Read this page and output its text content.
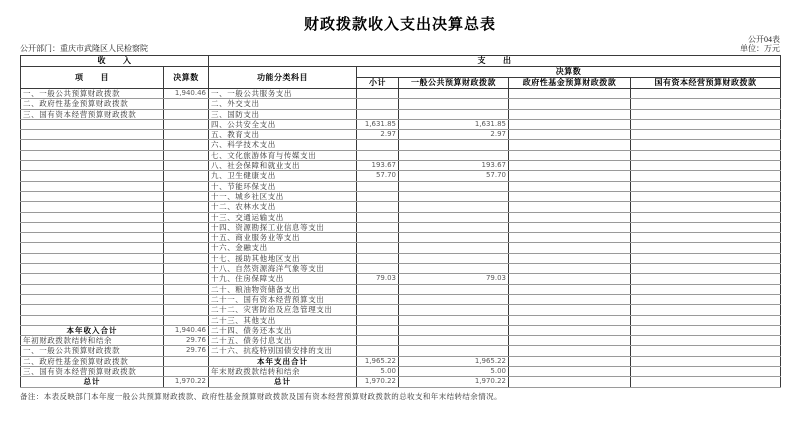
财政拨款收入支出决算总表
公开04表
公开部门：重庆市武隆区人民检察院	单位：万元
收　　入		支　　出				
项　　目	决算数	功能分类科目	决算数			
			小计	一般公共预算财政拨款	政府性基金预算财政拨款	国有资本经营预算财政拨款
一、一般公共预算财政拨款	1,940.46	一、一般公共服务支出				
二、政府性基金预算财政拨款		二、外交支出				
三、国有资本经营预算财政拨款		三、国防支出				
		四、公共安全支出	1,631.85	1,631.85		
		五、教育支出	2.97	2.97		
		六、科学技术支出				
		七、文化旅游体育与传媒支出				
		八、社会保障和就业支出	193.67	193.67		
		九、卫生健康支出	57.70	57.70		
		十、节能环保支出				
		十一、城乡社区支出				
		十二、农林水支出				
		十三、交通运输支出				
		十四、资源勘探工业信息等支出				
		十五、商业服务业等支出				
		十六、金融支出				
		十七、援助其他地区支出				
		十八、自然资源海洋气象等支出				
		十九、住房保障支出	79.03	79.03		
		二十、粮油物资储备支出				
		二十一、国有资本经营预算支出				
		二十二、灾害防治及应急管理支出				
		二十三、其他支出				
本年收入合计	1,940.46	二十四、债务还本支出				
年初财政拨款结转和结余	29.76	二十五、债务付息支出				
一、一般公共预算财政拨款	29.76	二十六、抗疫特别国债安排的支出				
二、政府性基金预算财政拨款		本年支出合计	1,965.22	1,965.22		
三、国有资本经营预算财政拨款		年末财政拨款结转和结余	5.00	5.00		
总计	1,970.22	总计	1,970.22	1,970.22		
备注：本表反映部门本年度一般公共预算财政拨款、政府性基金预算财政拨款及国有资本经营预算财政拨款的总收支和年末结转结余情况。
